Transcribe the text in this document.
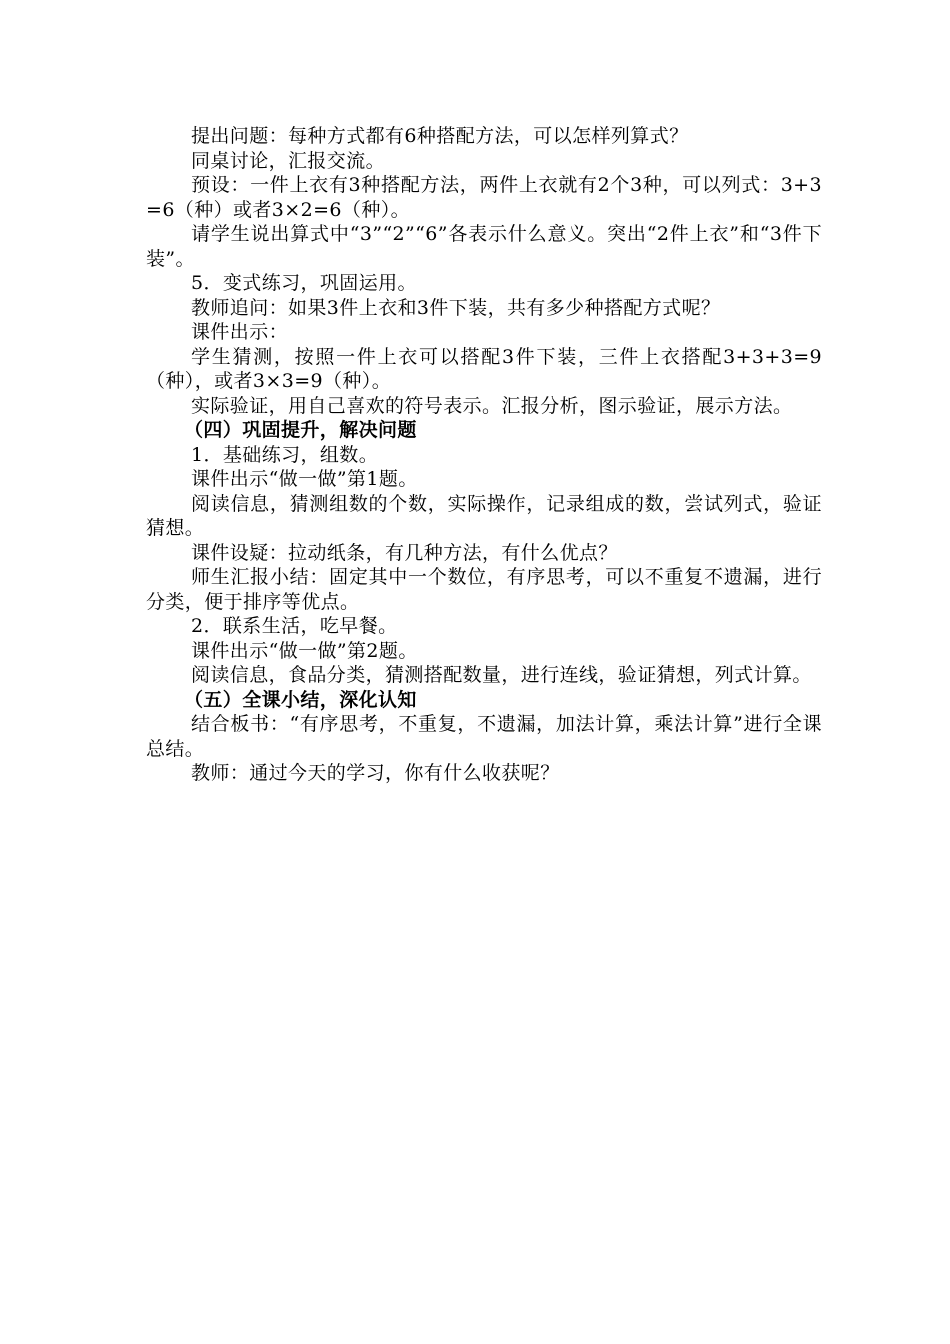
提出问题：每种方式都有6种搭配方法，可以怎样列算式？

同桌讨论，汇报交流。

预设：一件上衣有3种搭配方法，两件上衣就有2个3种，可以列式：3+3=6（种）或者3×2=6（种）。

请学生说出算式中“3”“2”“6”各表示什么意义。突出“2件上衣”和“3件下装”。

5．变式练习，巩固运用。

教师追问：如果3件上衣和3件下装，共有多少种搭配方式呢？

课件出示：

学生猜测，按照一件上衣可以搭配3件下装，三件上衣搭配3+3+3=9（种），或者3×3=9（种）。

实际验证，用自己喜欢的符号表示。汇报分析，图示验证，展示方法。

（四）巩固提升，解决问题

1．基础练习，组数。

课件出示“做一做”第1题。

阅读信息，猜测组数的个数，实际操作，记录组成的数，尝试列式，验证猜想。

课件设疑：拉动纸条，有几种方法，有什么优点？

师生汇报小结：固定其中一个数位，有序思考，可以不重复不遗漏，进行分类，便于排序等优点。

2．联系生活，吃早餐。

课件出示“做一做”第2题。

阅读信息，食品分类，猜测搭配数量，进行连线，验证猜想，列式计算。

（五）全课小结，深化认知

结合板书：“有序思考，不重复，不遗漏，加法计算，乘法计算”进行全课总结。

教师：通过今天的学习，你有什么收获呢？
